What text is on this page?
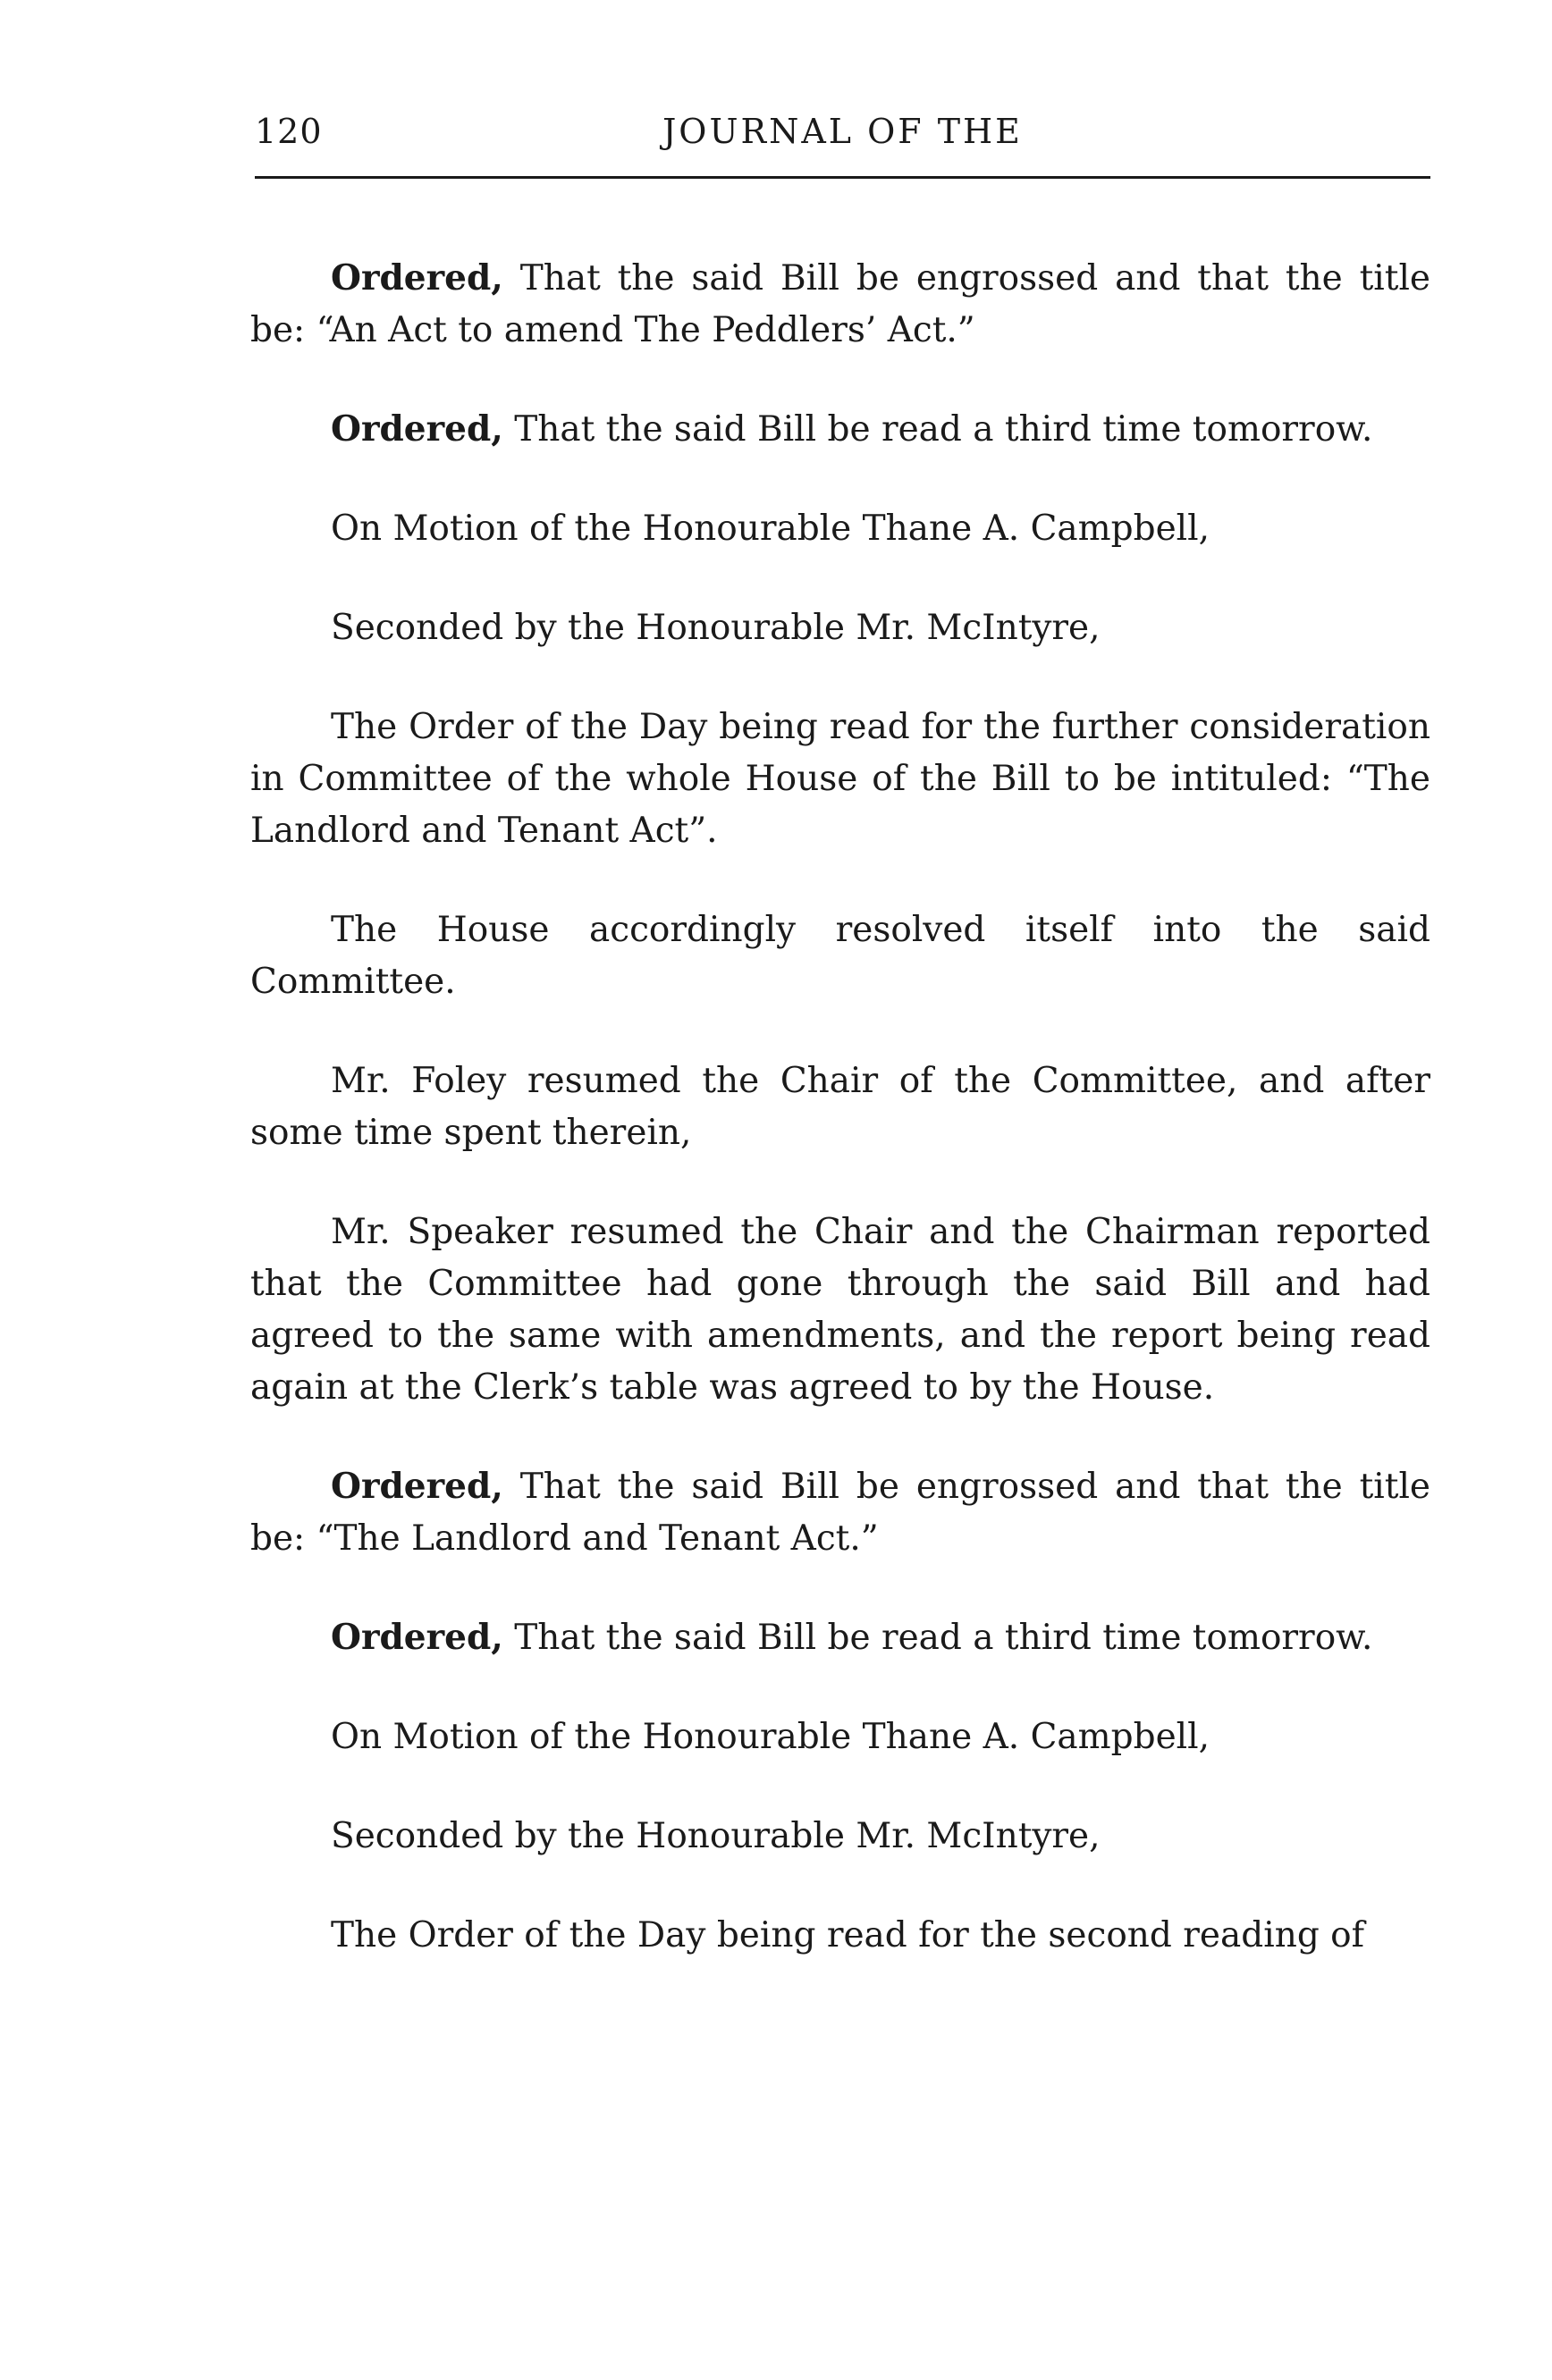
120	JOURNAL OF THE

Ordered, That the said Bill be engrossed and that the title be: “An Act to amend The Peddlers’ Act.”

Ordered, That the said Bill be read a third time tomorrow.

On Motion of the Honourable Thane A. Campbell,

Seconded by the Honourable Mr. McIntyre,

The Order of the Day being read for the further consideration in Committee of the whole House of the Bill to be intituled: “The Landlord and Tenant Act”.

The House accordingly resolved itself into the said Committee.

Mr. Foley resumed the Chair of the Committee, and after some time spent therein,

Mr. Speaker resumed the Chair and the Chairman reported that the Committee had gone through the said Bill and had agreed to the same with amendments, and the report being read again at the Clerk’s table was agreed to by the House.

Ordered, That the said Bill be engrossed and that the title be: “The Landlord and Tenant Act.”

Ordered, That the said Bill be read a third time tomorrow.

On Motion of the Honourable Thane A. Campbell,

Seconded by the Honourable Mr. McIntyre,

The Order of the Day being read for the second reading of
